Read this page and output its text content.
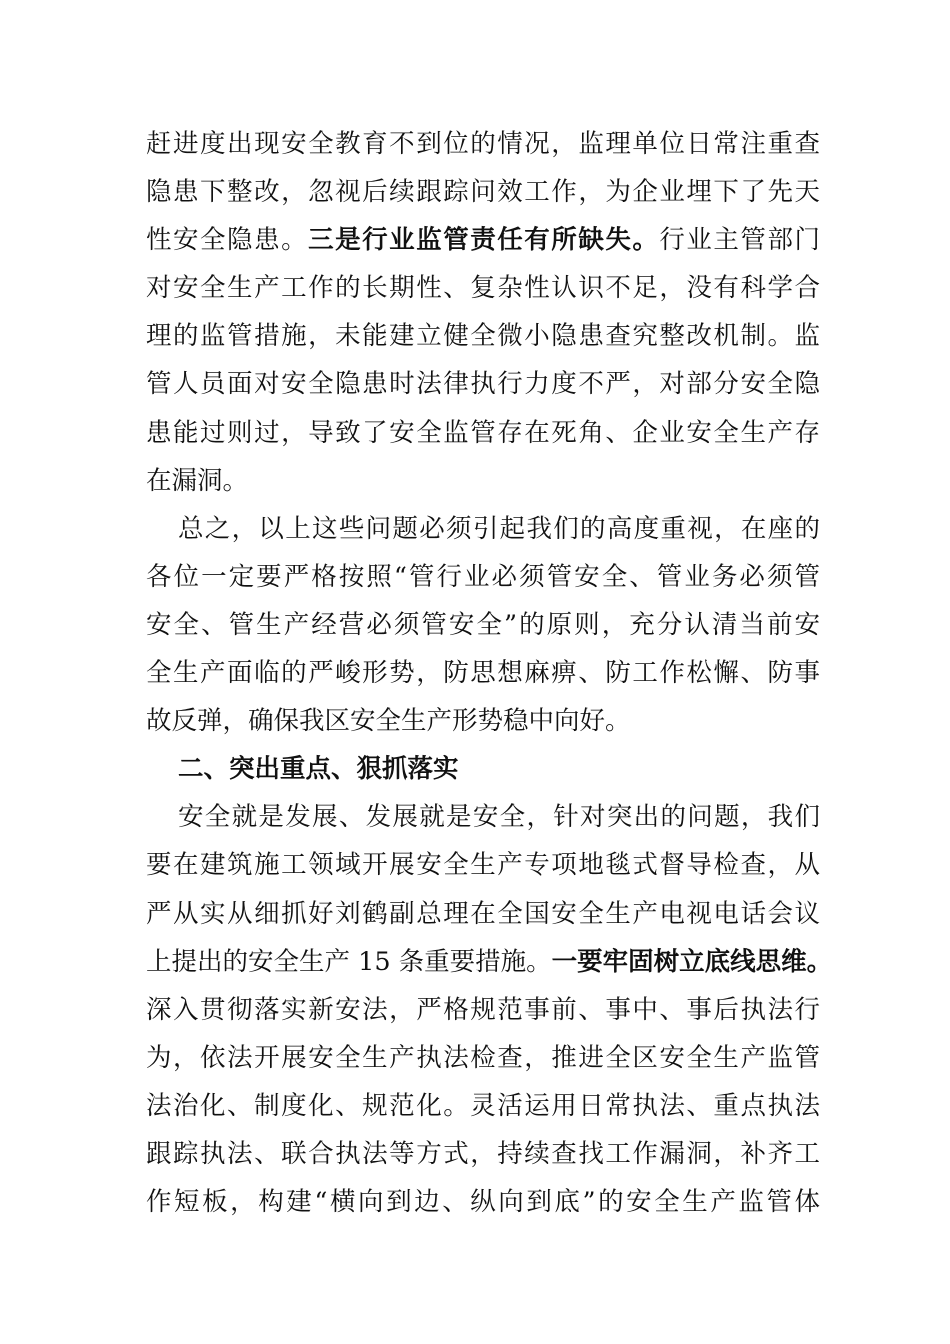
赶进度出现安全教育不到位的情况，监理单位日常注重查
隐患下整改，忽视后续跟踪问效工作，为企业埋下了先天
性安全隐患。三是行业监管责任有所缺失。行业主管部门
对安全生产工作的长期性、复杂性认识不足，没有科学合
理的监管措施，未能建立健全微小隐患查究整改机制。监
管人员面对安全隐患时法律执行力度不严，对部分安全隐
患能过则过，导致了安全监管存在死角、企业安全生产存
在漏洞。
总之，以上这些问题必须引起我们的高度重视，在座的
各位一定要严格按照“管行业必须管安全、管业务必须管
安全、管生产经营必须管安全”的原则，充分认清当前安
全生产面临的严峻形势，防思想麻痹、防工作松懈、防事
故反弹，确保我区安全生产形势稳中向好。
二、突出重点、狠抓落实
安全就是发展、发展就是安全，针对突出的问题，我们
要在建筑施工领域开展安全生产专项地毯式督导检查，从
严从实从细抓好刘鹤副总理在全国安全生产电视电话会议
上提出的安全生产 15 条重要措施。一要牢固树立底线思维。
深入贯彻落实新安法，严格规范事前、事中、事后执法行
为，依法开展安全生产执法检查，推进全区安全生产监管
法治化、制度化、规范化。灵活运用日常执法、重点执法
跟踪执法、联合执法等方式，持续查找工作漏洞，补齐工
作短板，构建“横向到边、纵向到底”的安全生产监管体
